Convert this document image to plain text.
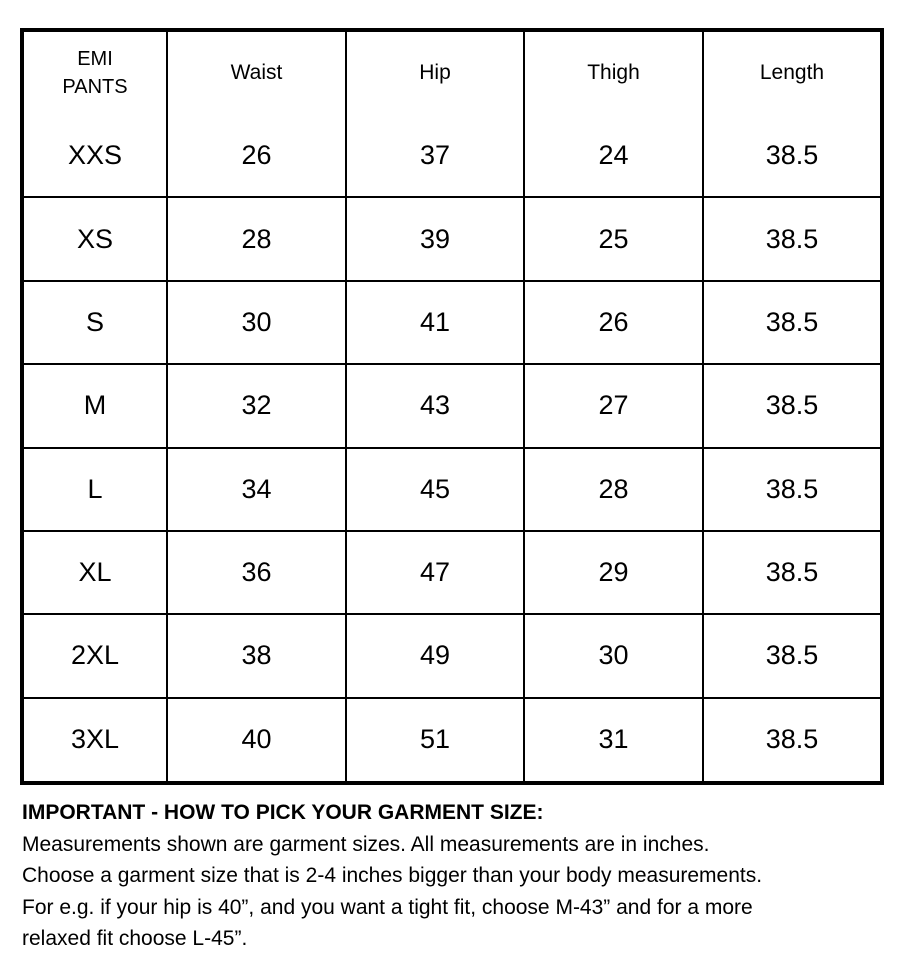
EMI
PANTS	Waist	Hip	Thigh	Length
XXS	26	37	24	38.5
XS	28	39	25	38.5
S	30	41	26	38.5
M	32	43	27	38.5
L	34	45	28	38.5
XL	36	47	29	38.5
2XL	38	49	30	38.5
3XL	40	51	31	38.5
IMPORTANT - HOW TO PICK YOUR GARMENT SIZE:
Measurements shown are garment sizes. All measurements are in inches.
Choose a garment size that is 2-4 inches bigger than your body measurements.
For e.g. if your hip is 40”, and you want a tight fit, choose M-43” and for a more
relaxed fit choose L-45”.
